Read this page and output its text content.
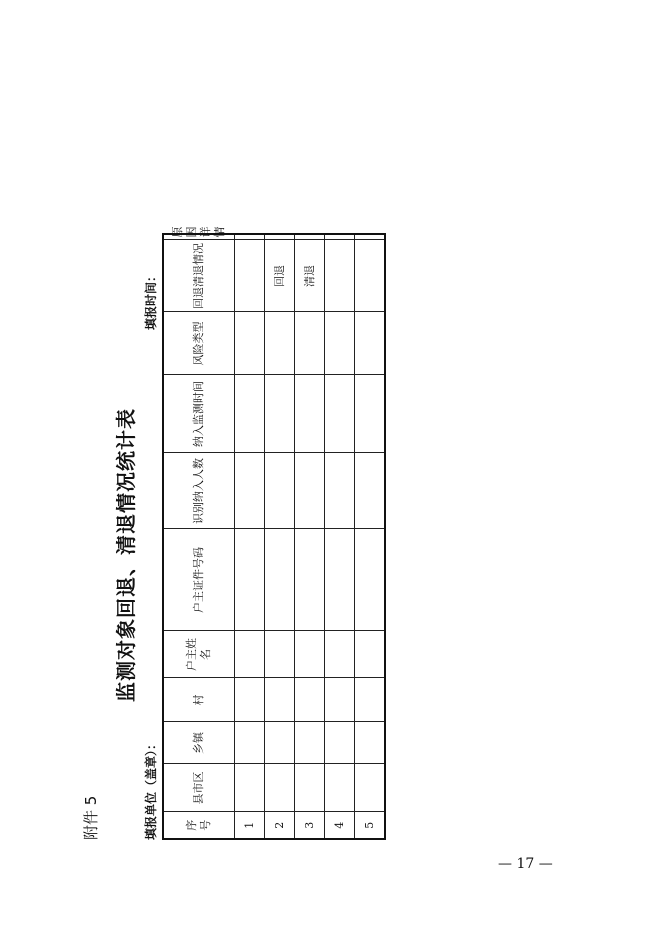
附件 5
监测对象回退、清退情况统计表
填报单位（盖章）：
填报时间：
序号	县市区	乡镇	村	户主姓名	户主证件号码	识别纳入人数	纳入监测时间	风险类型	回退清退情况	原因详情
1										
2									回退	
3									清退	
4										
5										
— 17 —
